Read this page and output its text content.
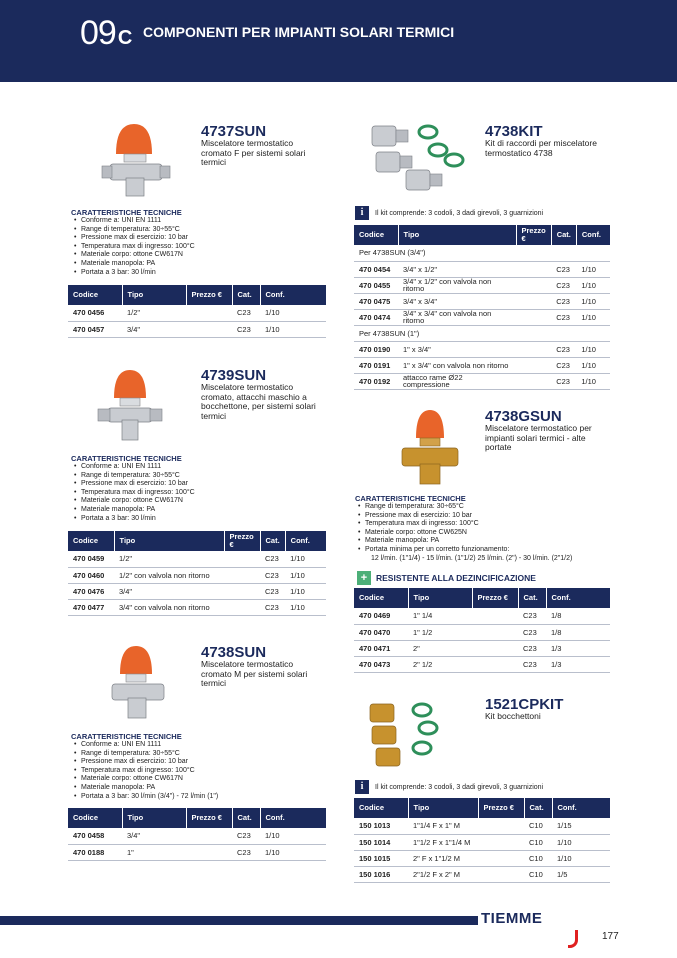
09 C COMPONENTI PER IMPIANTI SOLARI TERMICI
4737SUN
Miscelatore termostatico
cromato F per sistemi solari
termici
CARATTERISTICHE TECNICHE
• Conforme a: UNI EN 1111
• Range di temperatura: 30÷55°C
• Pressione max di esercizio: 10 bar
• Temperatura max di ingresso: 100°C
• Materiale corpo: ottone CW617N
• Materiale manopola: PA
• Portata a 3 bar: 30 l/min
Codice	Tipo	Prezzo €	Cat.	Conf.
470 0456	1/2"		C23	1/10
470 0457	3/4"		C23	1/10
4739SUN
Miscelatore termostatico
cromato, attacchi maschio a
bocchettone, per sistemi solari
termici
CARATTERISTICHE TECNICHE
• Conforme a: UNI EN 1111
• Range di temperatura: 30÷55°C
• Pressione max di esercizio: 10 bar
• Temperatura max di ingresso: 100°C
• Materiale corpo: ottone CW617N
• Materiale manopola: PA
• Portata a 3 bar: 30 l/min
Codice	Tipo	Prezzo €	Cat.	Conf.
470 0459	1/2"		C23	1/10
470 0460	1/2" con valvola non ritorno		C23	1/10
470 0476	3/4"		C23	1/10
470 0477	3/4" con valvola non ritorno		C23	1/10
4738SUN
Miscelatore termostatico
cromato M per sistemi solari
termici
CARATTERISTICHE TECNICHE
• Conforme a: UNI EN 1111
• Range di temperatura: 30÷55°C
• Pressione max di esercizio: 10 bar
• Temperatura max di ingresso: 100°C
• Materiale corpo: ottone CW617N
• Materiale manopola: PA
• Portata a 3 bar: 30 l/min (3/4") - 72 l/min (1")
Codice	Tipo	Prezzo €	Cat.	Conf.
470 0458	3/4"		C23	1/10
470 0188	1"		C23	1/10
4738KIT
Kit di raccordi per miscelatore
termostatico 4738
i	Il kit comprende: 3 codoli, 3 dadi girevoli, 3 guarnizioni
Codice	Tipo	Prezzo €	Cat.	Conf.
Per 4738SUN (3/4")				
470 0454	3/4" x 1/2"		C23	1/10
470 0455	3/4" x 1/2" con valvola non ritorno		C23	1/10
470 0475	3/4" x 3/4"		C23	1/10
470 0474	3/4" x 3/4" con valvola non ritorno		C23	1/10
Per 4738SUN (1")				
470 0190	1" x 3/4"		C23	1/10
470 0191	1" x 3/4" con valvola non ritorno		C23	1/10
470 0192	attacco rame Ø22 compressione		C23	1/10
4738GSUN
Miscelatore termostatico per
impianti solari termici - alte
portate
CARATTERISTICHE TECNICHE
• Range di temperatura: 30÷65°C
• Pressione max di esercizio: 10 bar
• Temperatura max di ingresso: 100°C
• Materiale corpo: ottone CW625N
• Materiale manopola: PA
• Portata minima per un corretto funzionamento:
12 l/min. (1"1/4) - 15 l/min. (1"1/2) 25 l/min. (2") - 30 l/min. (2"1/2)
+	RESISTENTE ALLA DEZINCIFICAZIONE
Codice	Tipo	Prezzo €	Cat.	Conf.
470 0469	1" 1/4		C23	1/8
470 0470	1" 1/2		C23	1/8
470 0471	2"		C23	1/3
470 0473	2" 1/2		C23	1/3
1521CPKIT
Kit bocchettoni
i	Il kit comprende: 3 codoli, 3 dadi girevoli, 3 guarnizioni
Codice	Tipo	Prezzo €	Cat.	Conf.
150 1013	1"1/4 F x 1" M		C10	1/15
150 1014	1"1/2 F x 1"1/4 M		C10	1/10
150 1015	2" F x 1"1/2 M		C10	1/10
150 1016	2"1/2 F x 2" M		C10	1/5
TIEMME
177
